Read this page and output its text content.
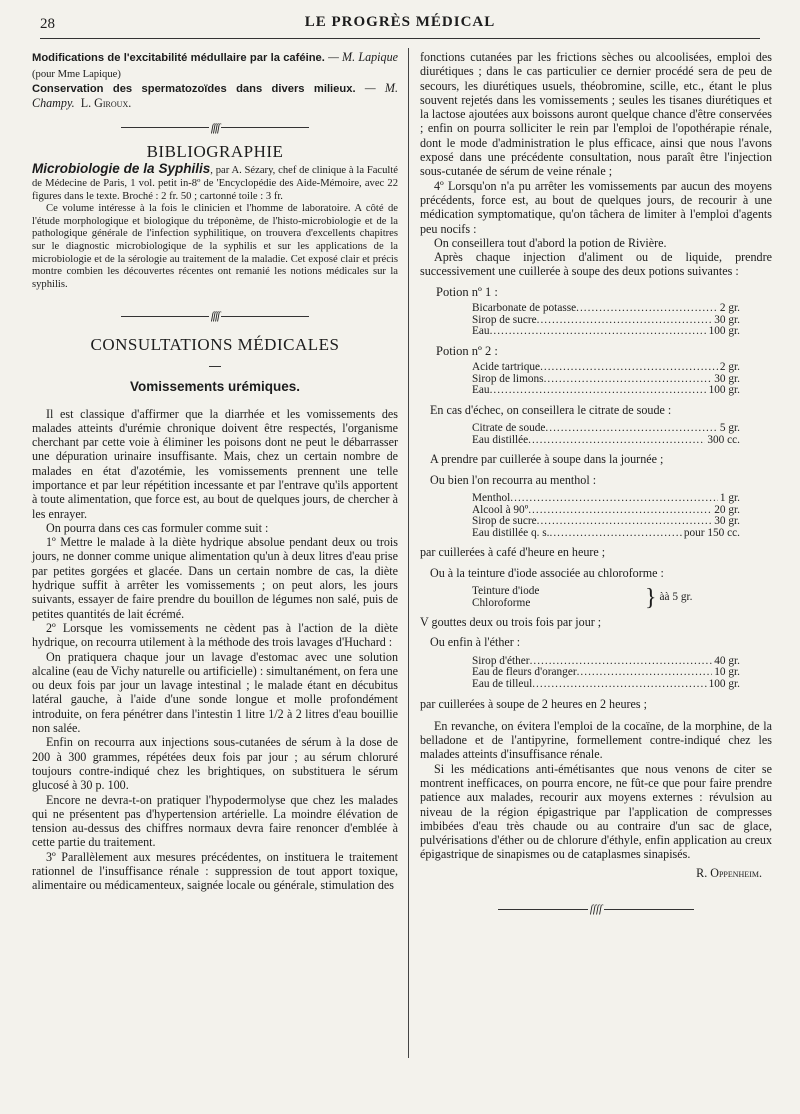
28	LE PROGRÈS MÉDICAL

Modifications de l'excitabilité médullaire par la caféine. — M. Lapique (pour Mme Lapique)

Conservation des spermatozoïdes dans divers milieux. — M. Champy. L. Giroux.

ſſſſ
BIBLIOGRAPHIE

Microbiologie de la Syphilis, par A. Sézary, chef de clinique à la Faculté de Médecine de Paris, 1 vol. petit in-8º de 'Encyclopédie des Aide-Mémoire, avec 22 figures dans le texte. Broché : 2 fr. 50 ; cartonné toile : 3 fr.

Ce volume intéresse à la fois le clinicien et l'homme de laboratoire. A côté de l'étude morphologique et biologique du tréponème, de l'histo-microbiologie et de la pathologique générale de l'infection syphilitique, on trouvera d'excellents chapitres sur le diagnostic microbiologique de la syphilis et sur les applications de la microbiologie et de la sérologie au traitement de la maladie. Cet exposé clair et précis montre combien les découvertes récentes ont remanié les notions médicales sur la syphilis.

ſſſſ
CONSULTATIONS MÉDICALES
Vomissements urémiques.

Il est classique d'affirmer que la diarrhée et les vomissements des malades atteints d'urémie chronique doivent être respectés, l'organisme cherchant par cette voie à éliminer les poisons dont ne peut le débarrasser une dépuration urinaire insuffisante. Mais, chez un certain nombre de malades en état d'azotémie, les vomissements prennent une telle importance et par leur répétition incessante et par l'entrave qu'ils apportent à toute alimentation, que force est, au bout de quelques jours, de chercher à les enrayer.

On pourra dans ces cas formuler comme suit :

1º Mettre le malade à la diète hydrique absolue pendant deux ou trois jours, ne donner comme unique alimentation qu'un à deux litres d'eau prise par petites gorgées et glacée. Dans un certain nombre de cas, la diète hydrique suffit à arrêter les vomissements ; on peut alors, les jours suivants, essayer de faire prendre du bouillon de légumes non salé, puis de petites quantités de lait écrémé.

2º Lorsque les vomissements ne cèdent pas à l'action de la diète hydrique, on recourra utilement à la méthode des trois lavages d'Huchard :

On pratiquera chaque jour un lavage d'estomac avec une solution alcaline (eau de Vichy naturelle ou artificielle) : simultanément, on fera une ou deux fois par jour un lavage intestinal ; le malade étant en décubitus latéral gauche, à l'aide d'une sonde longue et molle profondément introduite, on fera pénétrer dans l'intestin 1 litre 1/2 à 2 litres d'eau bouillie non salée.

Enfin on recourra aux injections sous-cutanées de sérum à la dose de 200 à 300 grammes, répétées deux fois par jour ; au sérum chloruré toujours contre-indiqué chez les brightiques, on substituera le sérum glucosé à 30 p. 100.

Encore ne devra-t-on pratiquer l'hypodermolyse que chez les malades qui ne présentent pas d'hypertension artérielle. La moindre élévation de tension au-dessus des chiffres normaux devra faire renoncer d'emblée à cette partie du traitement.

3º Parallèlement aux mesures précédentes, on instituera le traitement rationnel de l'insuffisance rénale : suppression de tout apport toxique, alimentaire ou médicamenteux, saignée locale ou générale, stimulation des

fonctions cutanées par les frictions sèches ou alcoolisées, emploi des diurétiques ; dans le cas particulier ce dernier procédé sera de peu de secours, les diurétiques usuels, théobromine, scille, etc., étant le plus souvent rejetés dans les vomissements ; seules les tisanes diurétiques et la lactose ajoutées aux boissons auront quelque chance d'être conservées ; enfin on pourra solliciter le rein par l'emploi de l'opothérapie rénale, dont le mode d'administration le plus efficace, ainsi que nous l'avons exposé dans une précédente consultation, nous paraît être l'injection sous-cutanée de sérum de veine rénale ;

4º Lorsqu'on n'a pu arrêter les vomissements par aucun des moyens précédents, force est, au bout de quelques jours, de recourir à une médication symptomatique, qu'on tâchera de limiter à l'emploi d'agents peu nocifs :

On conseillera tout d'abord la potion de Rivière.

Après chaque injection d'aliment ou de liquide, prendre successivement une cuillerée à soupe des deux potions suivantes :

Potion nº 1 :
Bicarbonate de potasse .....	2 gr.
Sirop de sucre .....	30 gr.
Eau .....	100 gr.
Potion nº 2 :
Acide tartrique .....	2 gr.
Sirop de limons .....	30 gr.
Eau .....	100 gr.
En cas d'échec, on conseillera le citrate de soude :
Citrate de soude .....	5 gr.
Eau distillée .....	300 cc.
A prendre par cuillerée à soupe dans la journée ;
Ou bien l'on recourra au menthol :
Menthol .....	1 gr.
Alcool à 90º .....	20 gr.
Sirop de sucre .....	30 gr.
Eau distillée q. s. .....	pour 150 cc.
par cuillerées à café d'heure en heure ;
Ou à la teinture d'iode associée au chloroforme :
Teinture d'iode
Chloroforme	} àà 5 gr.
V gouttes deux ou trois fois par jour ;
Ou enfin à l'éther :
Sirop d'éther .....	40 gr.
Eau de fleurs d'oranger .....	10 gr.
Eau de tilleul .....	100 gr.
par cuillerées à soupe de 2 heures en 2 heures ;

En revanche, on évitera l'emploi de la cocaïne, de la morphine, de la belladone et de l'antipyrine, formellement contre-indiqué chez les malades atteints d'insuffisance rénale.

Si les médications anti-émétisantes que nous venons de citer se montrent inefficaces, on pourra encore, ne fût-ce que pour faire prendre patience aux malades, recourir aux moyens externes : révulsion au niveau de la région épigastrique par l'application de compresses imbibées d'eau très chaude ou au contraire d'un sac de glace, pulvérisations d'éther ou de chlorure d'éthyle, enfin application au creux épigastrique de sinapismes ou de cataplasmes sinapisés.

R. Oppenheim.

ſſſſ
